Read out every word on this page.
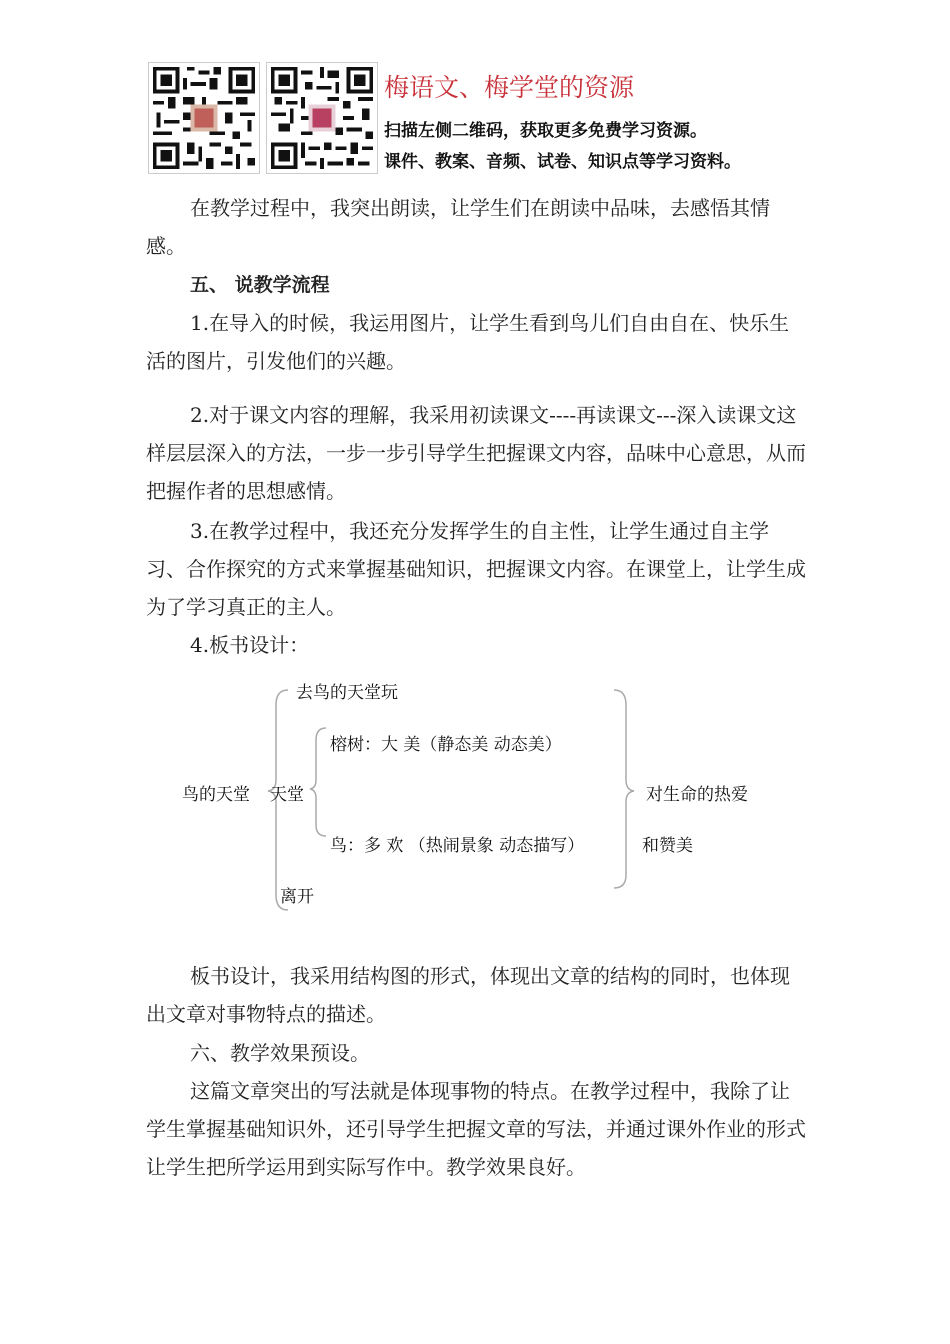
梅语文、梅学堂的资源
扫描左侧二维码，获取更多免费学习资源。
课件、教案、音频、试卷、知识点等学习资料。

在教学过程中，我突出朗读，让学生们在朗读中品味，去感悟其情感。

五、 说教学流程

1.在导入的时候，我运用图片，让学生看到鸟儿们自由自在、快乐生活的图片，引发他们的兴趣。

2.对于课文内容的理解，我采用初读课文----再读课文---深入读课文这样层层深入的方法，一步一步引导学生把握课文内容，品味中心意思，从而把握作者的思想感情。

3.在教学过程中，我还充分发挥学生的自主性，让学生通过自主学习、合作探究的方式来掌握基础知识，把握课文内容。在课堂上，让学生成为了学习真正的主人。

4.板书设计：

去鸟的天堂玩
榕树：大 美（静态美 动态美）
鸟的天堂 天堂	对生命的热爱
鸟：多 欢 （热闹景象 动态描写）	和赞美
离开

板书设计，我采用结构图的形式，体现出文章的结构的同时，也体现出文章对事物特点的描述。

六、教学效果预设。

这篇文章突出的写法就是体现事物的特点。在教学过程中，我除了让学生掌握基础知识外，还引导学生把握文章的写法，并通过课外作业的形式让学生把所学运用到实际写作中。教学效果良好。
